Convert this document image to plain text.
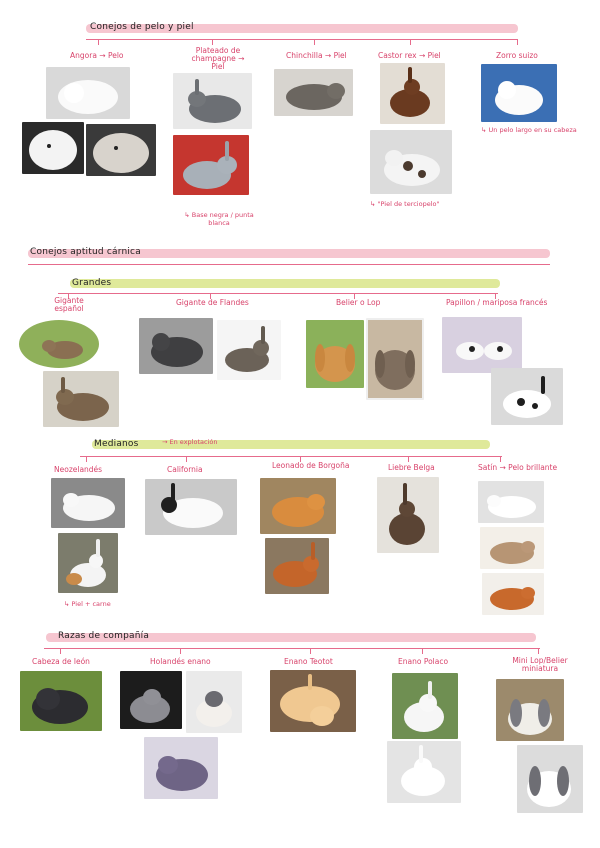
Conejos de pelo y piel
Angora → Pelo
Plateado de champagne → Piel
Chinchilla → Piel	Castor rex → Piel	Zorro suizo
↳ Base negra / punta blanca
↳ "Piel de terciopelo"
↳ Un pelo largo en su cabeza
Conejos aptitud cárnica
Grandes
Gigante español
Gigante de Flandes	Belier o Lop	Papillon / mariposa francés
Medianos	→ En explotación
Neozelandés	California	Leonado de Borgoña	Liebre Belga	Satín → Pelo brillante
↳ Piel + carne
Razas de compañía
Cabeza de león	Holandés enano	Enano Teotot	Enano Polaco	Mini Lop/Belier miniatura
